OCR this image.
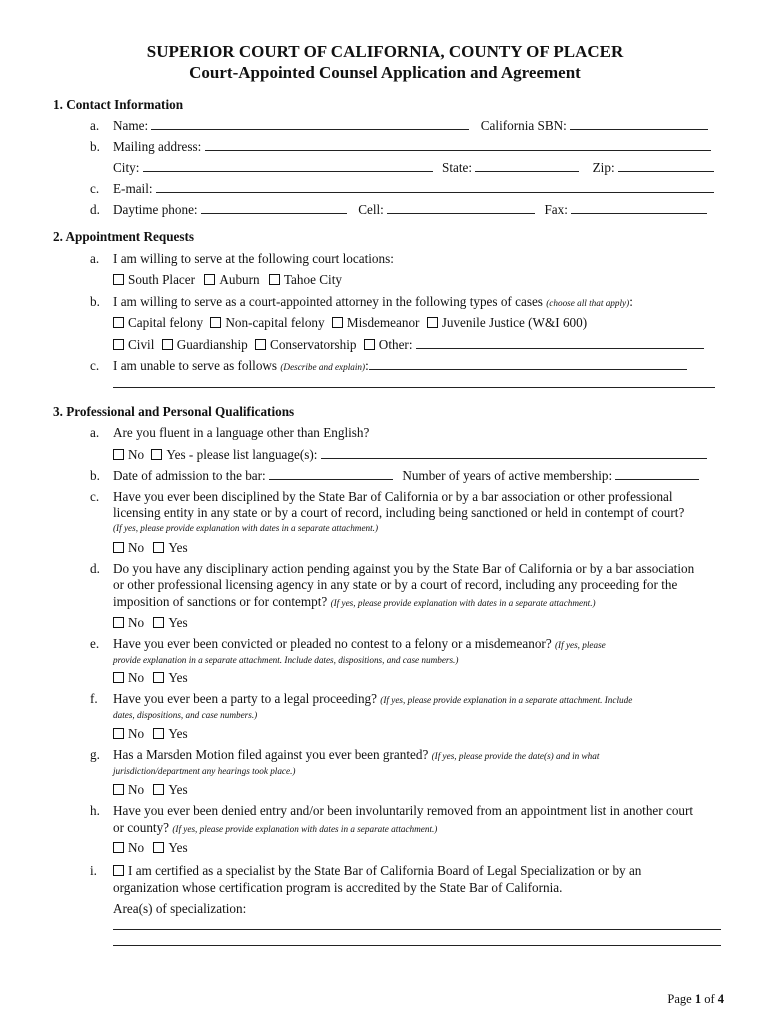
SUPERIOR COURT OF CALIFORNIA, COUNTY OF PLACER
Court-Appointed Counsel Application and Agreement
1. Contact Information
a. Name:	California SBN:
b. Mailing address:
City:	State:	Zip:
c. E-mail:
d. Daytime phone:	Cell:	Fax:
2. Appointment Requests
a. I am willing to serve at the following court locations:
South Placer Auburn Tahoe City
b. I am willing to serve as a court-appointed attorney in the following types of cases (choose all that apply):
Capital felony Non-capital felony Misdemeanor Juvenile Justice (W&I 600)
Civil Guardianship Conservatorship Other:
c. I am unable to serve as follows (Describe and explain):
3. Professional and Personal Qualifications
a. Are you fluent in a language other than English?
No Yes - please list language(s):
b. Date of admission to the bar:	Number of years of active membership:
c. Have you ever been disciplined by the State Bar of California or by a bar association or other professional
licensing entity in any state or by a court of record, including being sanctioned or held in contempt of court?
(If yes, please provide explanation with dates in a separate attachment.)
No Yes
d. Do you have any disciplinary action pending against you by the State Bar of California or by a bar association
or other professional licensing agency in any state or by a court of record, including any proceeding for the
imposition of sanctions or for contempt? (If yes, please provide explanation with dates in a separate attachment.)
No Yes
e. Have you ever been convicted or pleaded no contest to a felony or a misdemeanor? (If yes, please
provide explanation in a separate attachment. Include dates, dispositions, and case numbers.)
No Yes
f. Have you ever been a party to a legal proceeding? (If yes, please provide explanation in a separate attachment. Include
dates, dispositions, and case numbers.)
No Yes
g. Has a Marsden Motion filed against you ever been granted? (If yes, please provide the date(s) and in what
jurisdiction/department any hearings took place.)
No Yes
h. Have you ever been denied entry and/or been involuntarily removed from an appointment list in another court
or county? (If yes, please provide explanation with dates in a separate attachment.)
No Yes
i.	I am certified as a specialist by the State Bar of California Board of Legal Specialization or by an
organization whose certification program is accredited by the State Bar of California.
Area(s) of specialization:
Page 1 of 4
